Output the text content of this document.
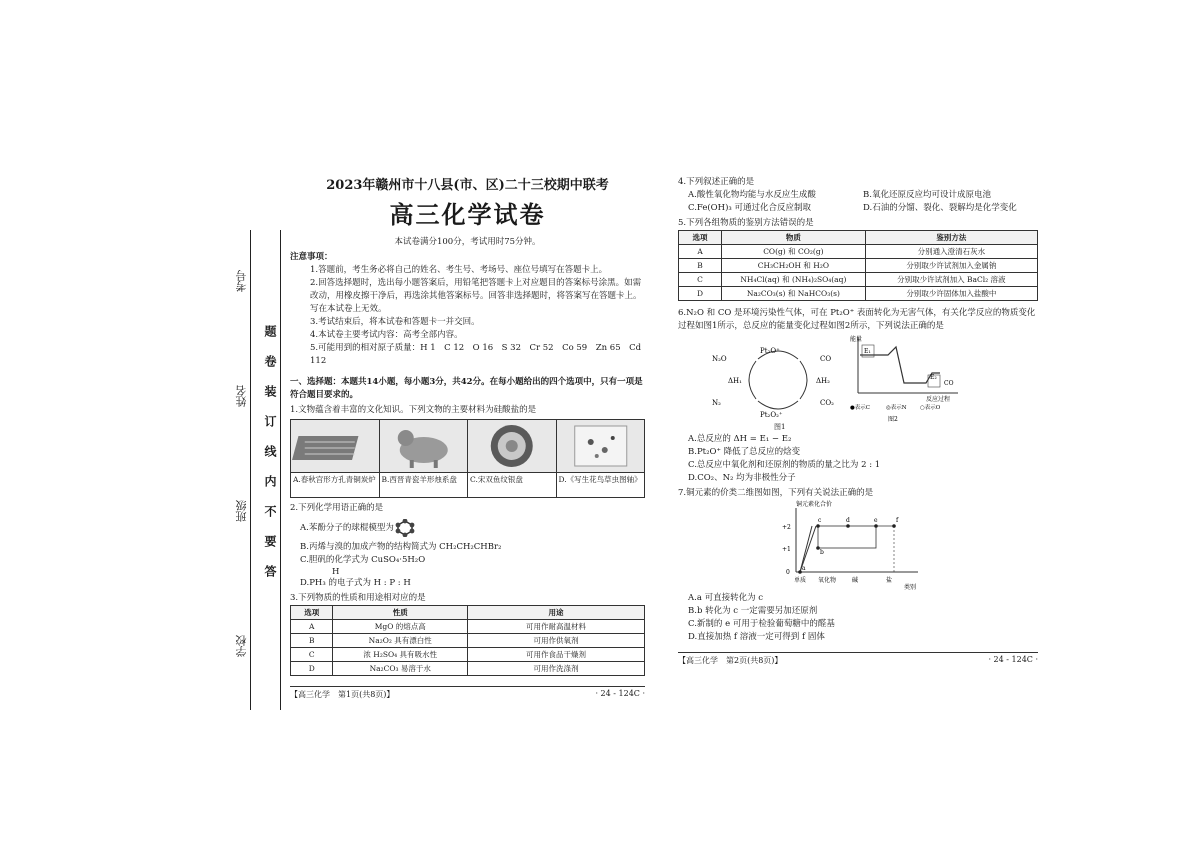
考号
姓名
班级
学校
题
卷
装
订
线
内
不
要
答
2023年赣州市十八县(市、区)二十三校期中联考
高三化学试卷
本试卷满分100分，考试用时75分钟。
注意事项：
1.答题前，考生务必将自己的姓名、考生号、考场号、座位号填写在答题卡上。
2.回答选择题时，选出每小题答案后，用铅笔把答题卡上对应题目的答案标号涂黑。如需改动，用橡皮擦干净后，再选涂其他答案标号。回答非选择题时，将答案写在答题卡上。写在本试卷上无效。
3.考试结束后，将本试卷和答题卡一并交回。
4.本试卷主要考试内容：高考全部内容。
5.可能用到的相对原子质量：H 1　C 12　O 16　S 32　Cr 52　Co 59　Zn 65　Cd 112
一、选择题：本题共14小题，每小题3分，共42分。在每小题给出的四个选项中，只有一项是符合题目要求的。
1.文物蕴含着丰富的文化知识。下列文物的主要材料为硅酸盐的是
A.春秋宫形方孔青铜炭炉 B.西晋青瓷羊形烛系盘	C.宋双鱼纹银盘	D.《写生花鸟草虫图轴》
2.下列化学用语正确的是
A.苯酚分子的球棍模型为
B.丙烯与溴的加成产物的结构简式为 CH₂CH₂CHBr₂
C.胆矾的化学式为 CuSO₄·5H₂O
H
D.PH₃ 的电子式为 H : P : H
3.下列物质的性质和用途相对应的是
选项	性质	用途
A	MgO 的熔点高	可用作耐高温材料
B	Na₂O₂ 具有漂白性	可用作供氧剂
C	浓 H₂SO₄ 具有吸水性	可用作食品干燥剂
D	Na₂CO₃ 易溶于水	可用作洗涤剂
【高三化学　第1页(共8页)】	· 24 - 124C ·
4.下列叙述正确的是
A.酸性氧化物均能与水反应生成酸	B.氧化还原反应均可设计成原电池
C.Fe(OH)₃ 可通过化合反应制取	D.石油的分馏、裂化、裂解均是化学变化
5.下列各组物质的鉴别方法错误的是
选项	物质	鉴别方法
A	CO(g) 和 CO₂(g)	分别通入澄清石灰水
B	CH₃CH₂OH 和 H₂O	分别取少许试剂加入金属钠
C	NH₄Cl(aq) 和 (NH₄)₂SO₄(aq)	分别取少许试剂加入 BaCl₂ 溶液
D	Na₂CO₃(s) 和 NaHCO₃(s)	分别取少许固体加入盐酸中
6.N₂O 和 CO 是环境污染性气体，可在 Pt₂O⁺ 表面转化为无害气体，有关化学反应的物质变化过程如图1所示，总反应的能量变化过程如图2所示，下列说法正确的是
N₂O
Pt₂O⁺
Pt₂O₂⁺
CO
CO₂
N₂
ΔH₁	ΔH₂
图1
能量
反应过程
E₁
E₂
CO
●表示C	◎表示N ○表示O
图2
A.总反应的 ΔH = E₁ − E₂
B.Pt₂O⁺ 降低了总反应的焓变
C.总反应中氧化剂和还原剂的物质的量之比为 2 : 1
D.CO₂、N₂ 均为非极性分子
7.铜元素的价类二维图如图，下列有关说法正确的是
铜元素化合价
+2
+1
0
单质 氧化物	碱	盐
类别
a
b
c	d	e	f
A.a 可直接转化为 c
B.b 转化为 c 一定需要另加还原剂
C.新制的 e 可用于检验葡萄糖中的醛基
D.直接加热 f 溶液一定可得到 f 固体
【高三化学　第2页(共8页)】	· 24 - 124C ·
